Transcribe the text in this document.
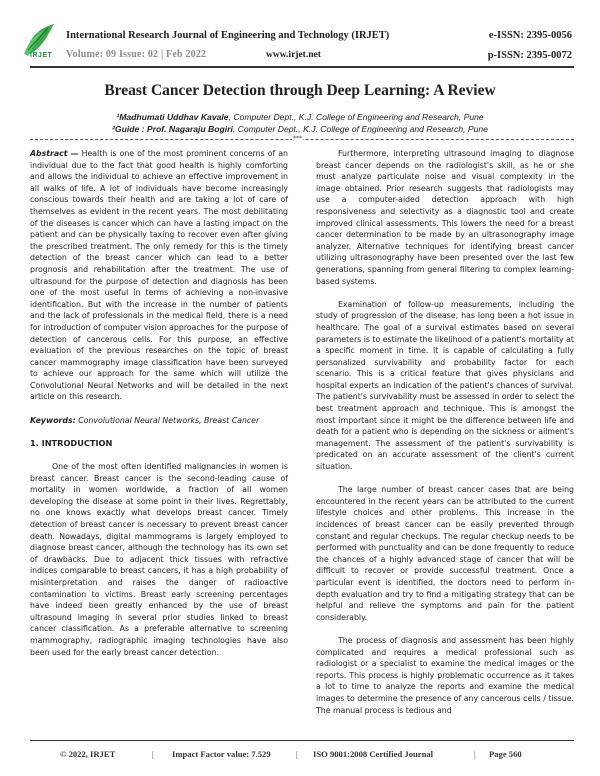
IRJET
International Research Journal of Engineering and Technology (IRJET)	e-ISSN: 2395-0056
Volume: 09 Issue: 02 | Feb 2022	www.irjet.net	p-ISSN: 2395-0072
Breast Cancer Detection through Deep Learning: A Review
¹Madhumati Uddhav Kavale, Computer Dept., K.J. College of Engineering and Research, Pune
²Guide : Prof. Nagaraju Bogiri, Computer Dept., K.J. College of Engineering and Research, Pune
***

Abstract — Health is one of the most prominent concerns of an individual due to the fact that good health is highly comforting and allows the individual to achieve an effective improvement in all walks of life. A lot of individuals have become increasingly conscious towards their health and are taking a lot of care of themselves as evident in the recent years. The most debilitating of the diseases is cancer which can have a lasting impact on the patient and can be physically taxing to recover even after giving the prescribed treatment. The only remedy for this is the timely detection of the breast cancer which can lead to a better prognosis and rehabilitation after the treatment. The use of ultrasound for the purpose of detection and diagnosis has been one of the most useful in terms of achieving a non-invasive identification. But with the increase in the number of patients and the lack of professionals in the medical field, there is a need for introduction of computer vision approaches for the purpose of detection of cancerous cells. For this purpose, an effective evaluation of the previous researches on the topic of breast cancer mammography image classification have been surveyed to achieve our approach for the same which will utilize the Convolutional Neural Networks and will be detailed in the next article on this research.

Keywords: Convolutional Neural Networks, Breast Cancer

1. INTRODUCTION

One of the most often identified malignancies in women is breast cancer. Breast cancer is the second-leading cause of mortality in women worldwide, a fraction of all women developing the disease at some point in their lives. Regrettably, no one knows exactly what develops breast cancer. Timely detection of breast cancer is necessary to prevent breast cancer death. Nowadays, digital mammograms is largely employed to diagnose breast cancer, although the technology has its own set of drawbacks. Due to adjacent thick tissues with refractive indices comparable to breast cancers, it has a high probability of misinterpretation and raises the danger of radioactive contamination to victims. Breast early screening percentages have indeed been greatly enhanced by the use of breast ultrasound imaging in several prior studies linked to breast cancer classification. As a preferable alternative to screening mammography, radiographic imaging technologies have also been used for the early breast cancer detection.

Furthermore, interpreting ultrasound imaging to diagnose breast cancer depends on the radiologist's skill, as he or she must analyze particulate noise and visual complexity in the image obtained. Prior research suggests that radiologists may use a computer-aided detection approach with high responsiveness and selectivity as a diagnostic tool and create improved clinical assessments. This lowers the need for a breast cancer determination to be made by an ultrasonography image analyzer. Alternative techniques for identifying breast cancer utilizing ultrasonography have been presented over the last few generations, spanning from general filtering to complex learning-based systems.

Examination of follow-up measurements, including the study of progression of the disease, has long been a hot issue in healthcare. The goal of a survival estimates based on several parameters is to estimate the likelihood of a patient's mortality at a specific moment in time. It is capable of calculating a fully personalized survivability and probability factor for each scenario. This is a critical feature that gives physicians and hospital experts an indication of the patient's chances of survival. The patient's survivability must be assessed in order to select the best treatment approach and technique. This is amongst the most important since it might be the difference between life and death for a patient who is depending on the sickness or ailment's management. The assessment of the patient's survivability is predicated on an accurate assessment of the client's current situation.

The large number of breast cancer cases that are being encountered in the recent years can be attributed to the current lifestyle choices and other problems. This increase in the incidences of breast cancer can be easily prevented through constant and regular checkups. The regular checkup needs to be performed with punctuality and can be done frequently to reduce the chances of a highly advanced stage of cancer that will be difficult to recover or provide successful treatment. Once a particular event is identified, the doctors need to perform in-depth evaluation and try to find a mitigating strategy that can be helpful and relieve the symptoms and pain for the patient considerably.

The process of diagnosis and assessment has been highly complicated and requires a medical professional such as radiologist or a specialist to examine the medical images or the reports. This process is highly problematic occurrence as it takes a lot to time to analyze the reports and examine the medical images to determine the presence of any cancerous cells / tissue. The manual process is tedious and

© 2022, IRJET	| Impact Factor value: 7.529	| ISO 9001:2008 Certified Journal	| Page 560
